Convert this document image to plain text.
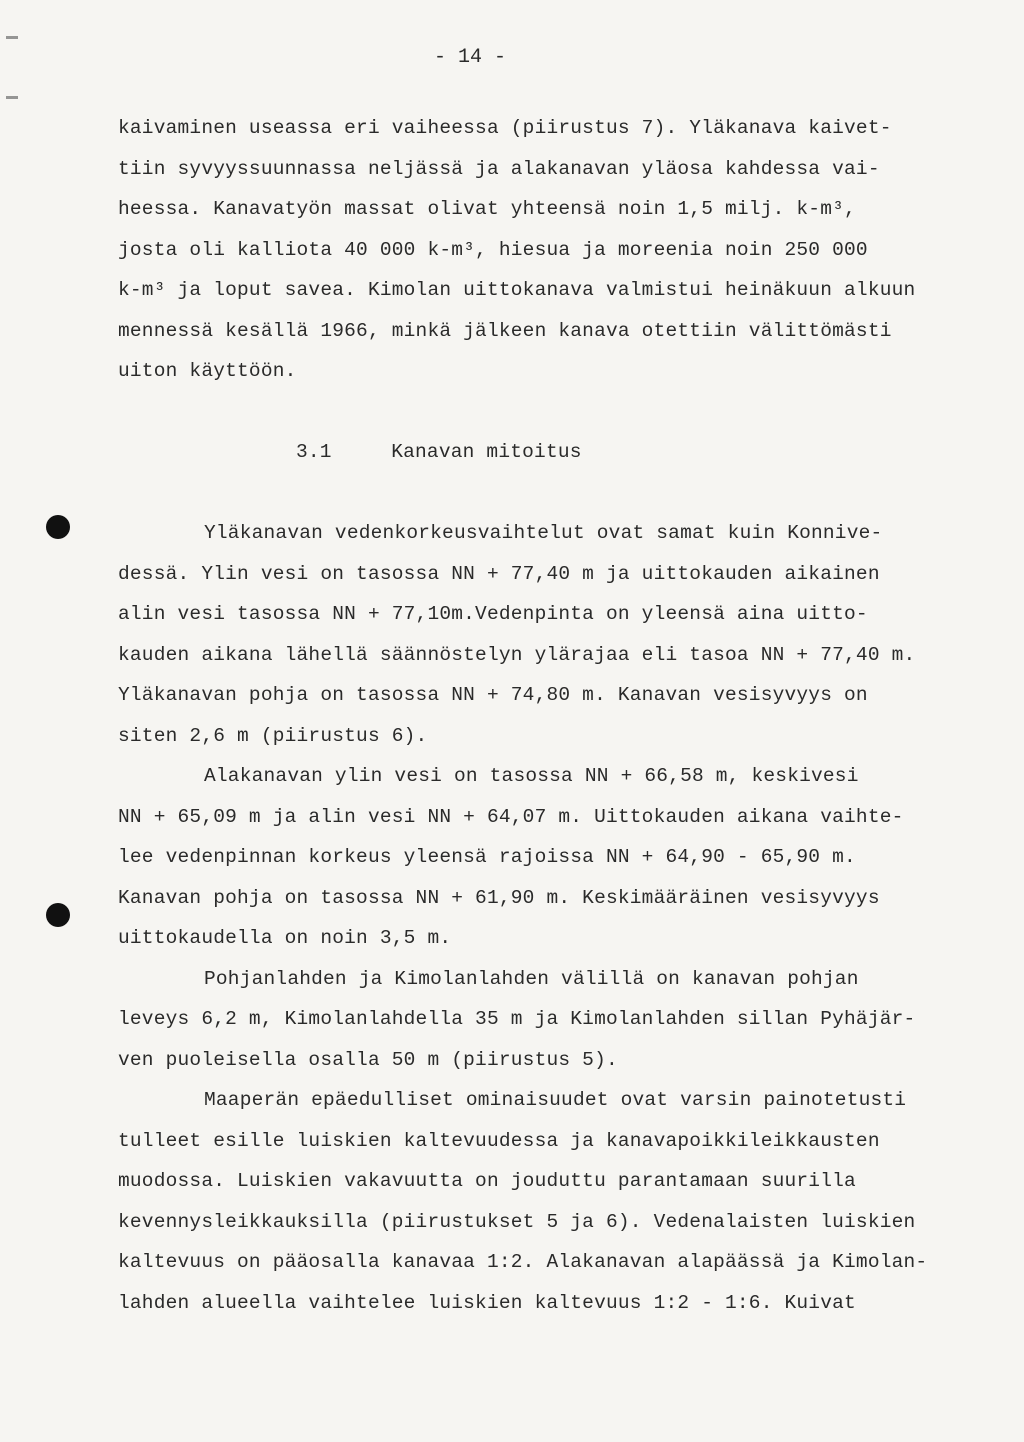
- 14 -
kaivaminen useassa eri vaiheessa (piirustus 7). Yläkanava kaivet-
tiin syvyyssuunnassa neljässä ja alakanavan yläosa kahdessa vai-
heessa. Kanavatyön massat olivat yhteensä noin 1,5 milj. k-m³,
josta oli kalliota 40 000 k-m³, hiesua ja moreenia noin 250 000
k-m³ ja loput savea. Kimolan uittokanava valmistui heinäkuun alkuun
mennessä kesällä 1966, minkä jälkeen kanava otettiin välittömästi
uiton käyttöön.
3.1     Kanavan mitoitus
Yläkanavan vedenkorkeusvaihtelut ovat samat kuin Konnive-
dessä. Ylin vesi on tasossa NN + 77,40 m ja uittokauden aikainen
alin vesi tasossa NN + 77,10m.Vedenpinta on yleensä aina uitto-
kauden aikana lähellä säännöstelyn ylärajaa eli tasoa NN + 77,40 m.
Yläkanavan pohja on tasossa NN + 74,80 m. Kanavan vesisyvyys on
siten 2,6 m (piirustus 6).
Alakanavan ylin vesi on tasossa NN + 66,58 m, keskivesi
NN + 65,09 m ja alin vesi NN + 64,07 m. Uittokauden aikana vaihte-
lee vedenpinnan korkeus yleensä rajoissa NN + 64,90 - 65,90 m.
Kanavan pohja on tasossa NN + 61,90 m. Keskimääräinen vesisyvyys
uittokaudella on noin 3,5 m.
Pohjanlahden ja Kimolanlahden välillä on kanavan pohjan
leveys 6,2 m, Kimolanlahdella 35 m ja Kimolanlahden sillan Pyhäjär-
ven puoleisella osalla 50 m (piirustus 5).
Maaperän epäedulliset ominaisuudet ovat varsin painotetusti
tulleet esille luiskien kaltevuudessa ja kanavapoikkileikkausten
muodossa. Luiskien vakavuutta on jouduttu parantamaan suurilla
kevennysleikkauksilla (piirustukset 5 ja 6). Vedenalaisten luiskien
kaltevuus on pääosalla kanavaa 1:2. Alakanavan alapäässä ja Kimolan-
lahden alueella vaihtelee luiskien kaltevuus 1:2 - 1:6. Kuivat
